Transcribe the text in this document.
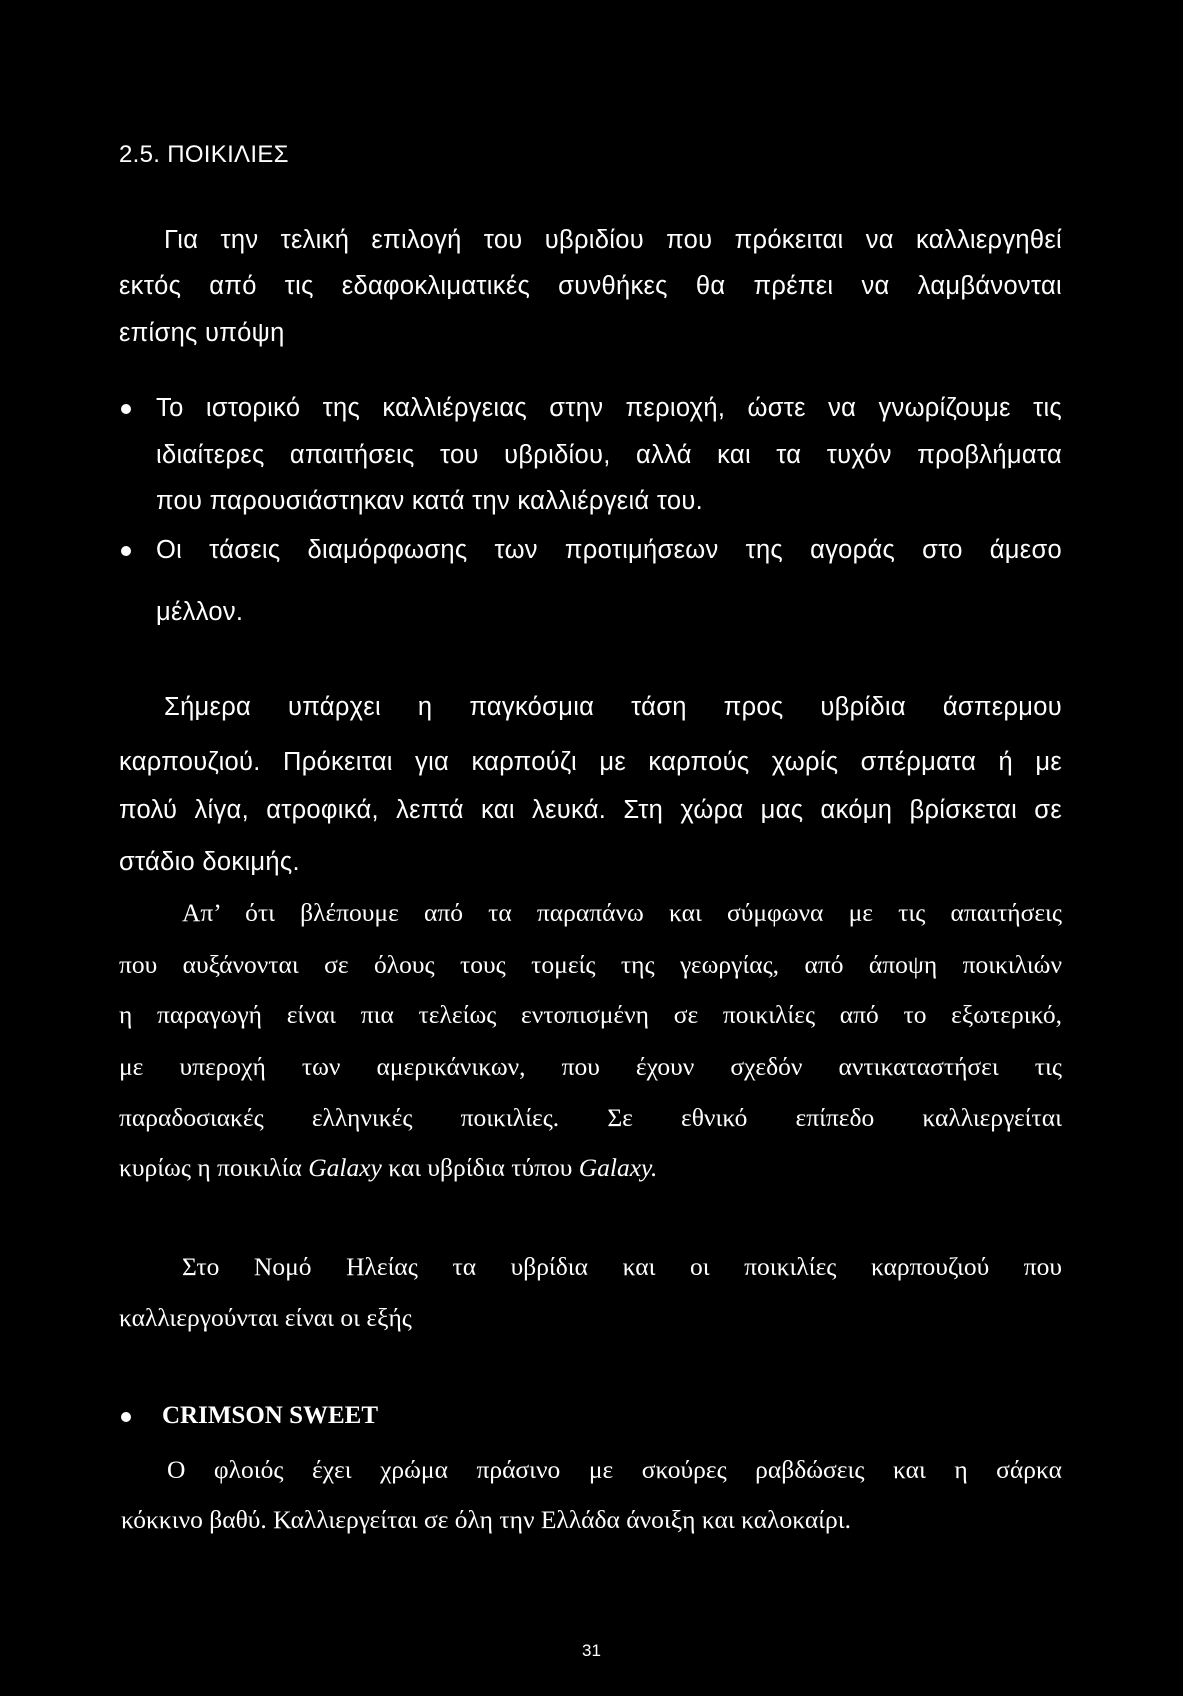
2.5. ΠΟΙΚΙΛΙΕΣ
Για την τελική επιλογή του υβριδίου που πρόκειται να καλλιεργηθεί
εκτός από τις εδαφοκλιματικές συνθήκες θα πρέπει να λαμβάνονται
επίσης υπόψη
Το ιστορικό της καλλιέργειας στην περιοχή, ώστε να γνωρίζουμε τις
ιδιαίτερες απαιτήσεις του υβριδίου, αλλά και τα τυχόν προβλήματα
που παρουσιάστηκαν κατά την καλλιέργειά του.
Οι τάσεις διαμόρφωσης των προτιμήσεων της αγοράς στο άμεσο
μέλλον.
Σήμερα υπάρχει η παγκόσμια τάση προς υβρίδια άσπερμου
καρπουζιού. Πρόκειται για καρπούζι με καρπούς χωρίς σπέρματα ή με
πολύ λίγα, ατροφικά, λεπτά και λευκά. Στη χώρα μας ακόμη βρίσκεται σε
στάδιο δοκιμής.
Απ’ ότι βλέπουμε από τα παραπάνω και σύμφωνα με τις απαιτήσεις
που αυξάνονται σε όλους τους τομείς της γεωργίας, από άποψη ποικιλιών
η παραγωγή είναι πια τελείως εντοπισμένη σε ποικιλίες από το εξωτερικό,
με υπεροχή των αμερικάνικων, που έχουν σχεδόν αντικαταστήσει τις
παραδοσιακές ελληνικές ποικιλίες. Σε εθνικό επίπεδο καλλιεργείται
κυρίως η ποικιλία Galaxy και υβρίδια τύπου Galaxy.
Στο Νομό Ηλείας τα υβρίδια και οι ποικιλίες καρπουζιού που
καλλιεργούνται είναι οι εξής
CRIMSON SWEET
Ο φλοιός έχει χρώμα πράσινο με σκούρες ραβδώσεις και η σάρκα
κόκκινο βαθύ. Καλλιεργείται σε όλη την Ελλάδα άνοιξη και καλοκαίρι.
31
